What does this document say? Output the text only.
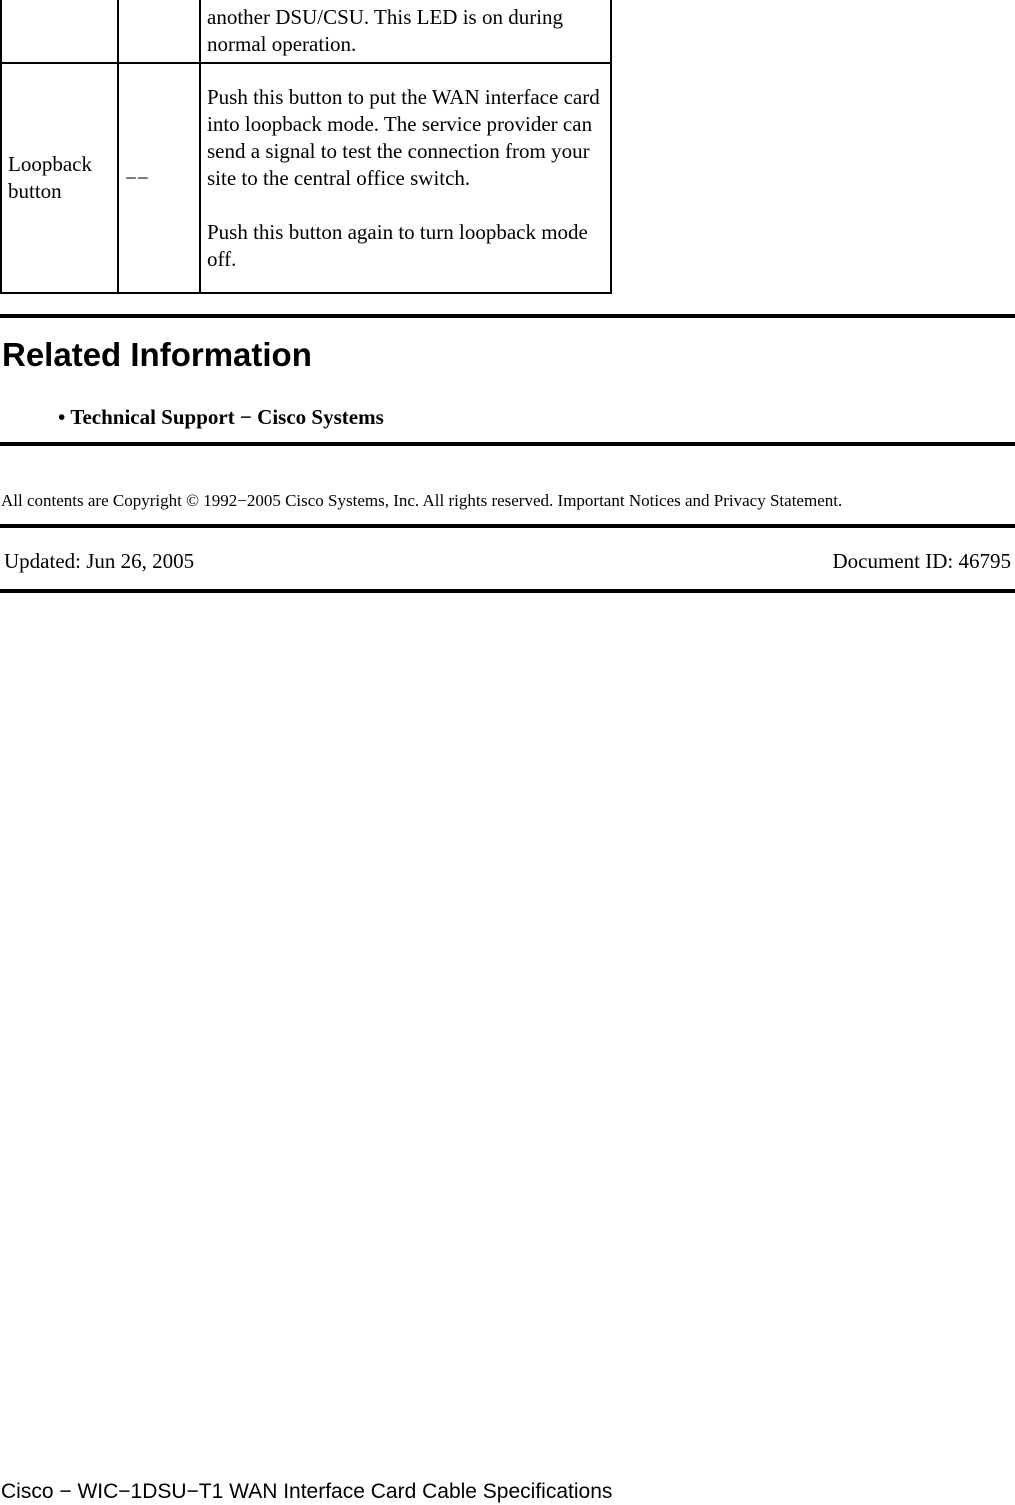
		another DSU/CSU. This LED is on during normal operation.
Loopback button	−−	Push this button to put the WAN interface card into loopback mode. The service provider can send a signal to test the connection from your site to the central office switch.

Push this button again to turn loopback mode off.

Related Information
• Technical Support − Cisco Systems
All contents are Copyright © 1992−2005 Cisco Systems, Inc. All rights reserved. Important Notices and Privacy Statement.
Updated: Jun 26, 2005	Document ID: 46795
Cisco − WIC−1DSU−T1 WAN Interface Card Cable Specifications
